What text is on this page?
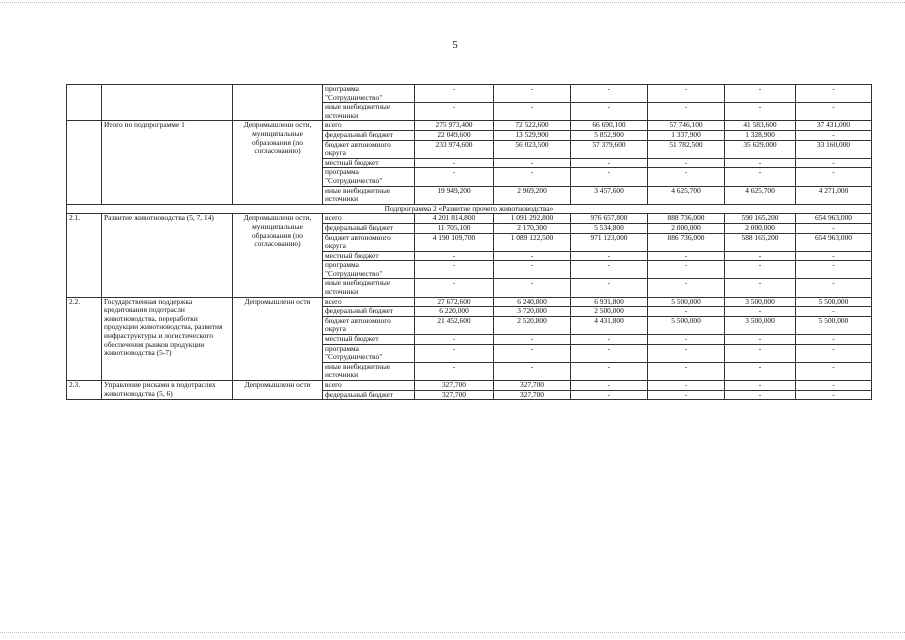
5
			программа "Сотрудничество"	-	-	-	-	-	-
			иные внебюджетные источники	-	-	-	-	-	-
	Итого по подпрограмме 1	Депромышленн ости, муниципальные образования (по согласованию)	всего	275 973,400	72 522,600	66 690,100	57 746,100	41 583,600	37 431,000
			федеральный бюджет	22 049,600	13 529,900	5 852,900	1 337,900	1 328,900	-
			бюджет автономного округа	233 974,600	56 023,500	57 379,600	51 782,500	35 629,000	33 160,000
			местный бюджет	-	-	-	-	-	-
			программа "Сотрудничество"	-	-	-	-	-	-
			иные внебюджетные источники	19 949,200	2 969,200	3 457,600	4 625,700	4 625,700	4 271,000
Подпрограмма 2 «Развитие прочего животноводства»									
2.1.	Развитие животноводства (5, 7, 14)	Депромышленн ости, муниципальные образования (по согласованию)	всего	4 201 814,800	1 091 292,800	976 657,800	888 736,000	590 165,200	654 963,000
			федеральный бюджет	11 705,100	2 170,300	5 534,800	2 000,000	2 000,000	-
			бюджет автономного округа	4 190 109,700	1 089 122,500	971 123,000	886 736,000	588 165,200	654 963,000
			местный бюджет	-	-	-	-	-	-
			программа "Сотрудничество"	-	-	-	-	-	-
			иные внебюджетные источники	-	-	-	-	-	-
2.2.	Государственная поддержка кредитования подотрасли животноводства, переработки продукции животноводства, развития инфраструктуры и логистического обеспечения рынков продукции животноводства (5-7)	Депромышленн ости	всего	27 672,600	6 240,800	6 931,800	5 500,000	3 500,000	5 500,000
			федеральный бюджет	6 220,000	3 720,000	2 500,000	-	-	-
			бюджет автономного округа	21 452,600	2 520,800	4 431,800	5 500,000	3 500,000	5 500,000
			местный бюджет	-	-	-	-	-	-
			программа "Сотрудничество"	-	-	-	-	-	-
			иные внебюджетные источники	-	-	-	-	-	-
2.3.	Управление рисками в подотраслях животноводства (5, 6)	Депромышленн ости	всего	327,700	327,700	-	-	-	-
			федеральный бюджет	327,700	327,700	-	-	-	-
